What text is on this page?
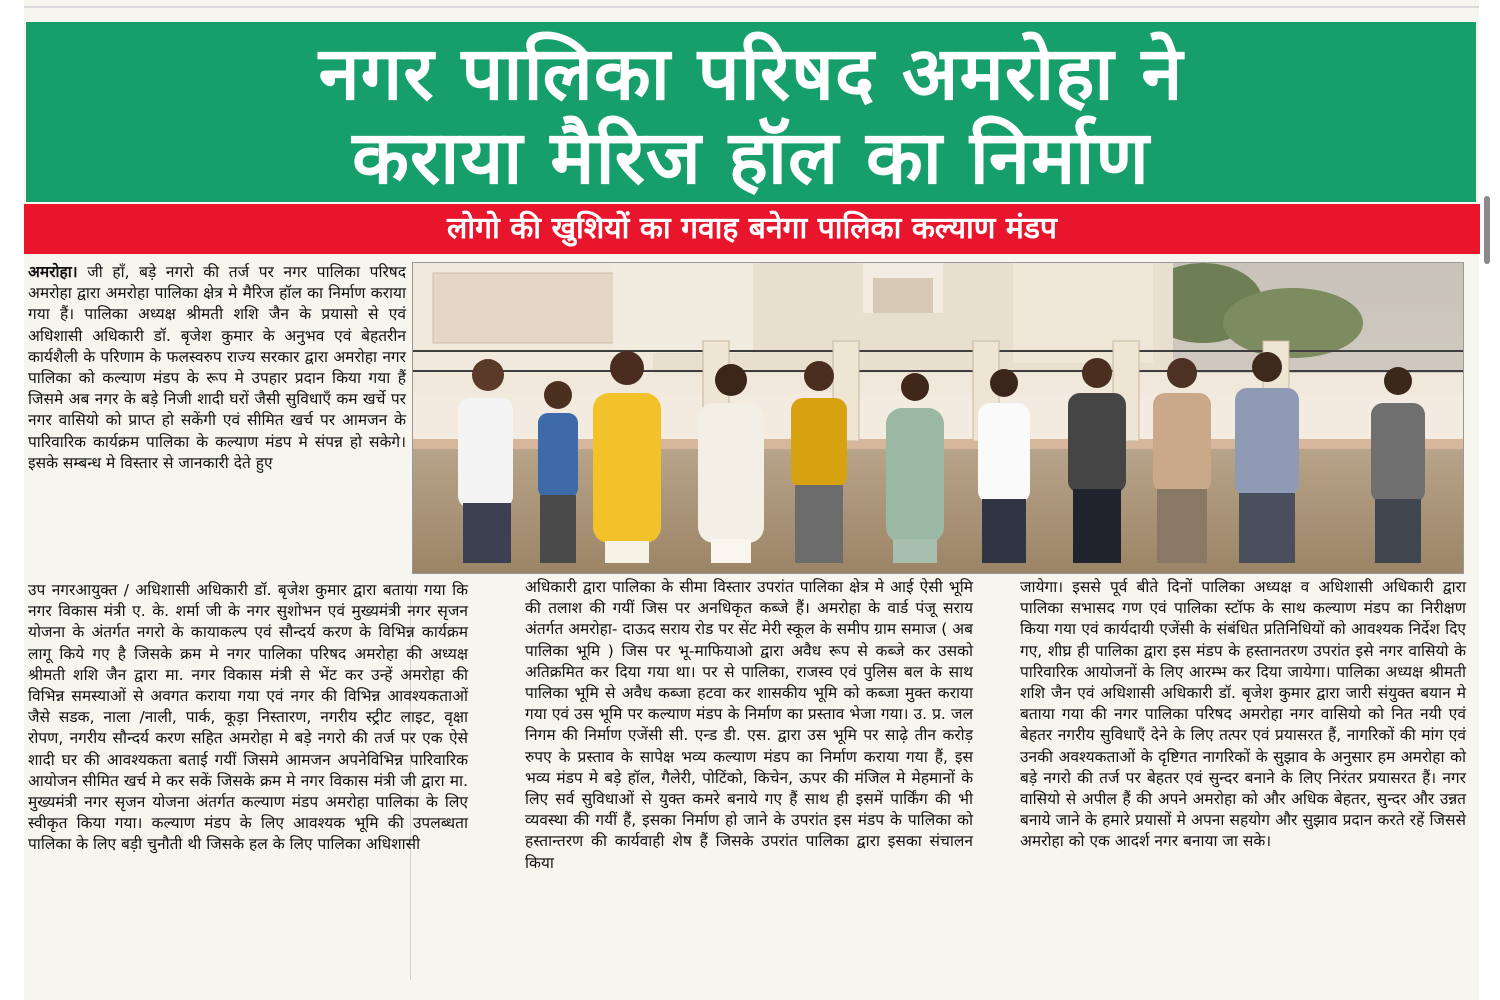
नगर पालिका परिषद अमरोहा ने
कराया मैरिज हॉल का निर्माण
लोगो की खुशियों का गवाह बनेगा पालिका कल्याण मंडप

अमरोहा। जी हाँ, बड़े नगरो की तर्ज पर नगर पालिका परिषद अमरोहा द्वारा अमरोहा पालिका क्षेत्र मे मैरिज हॉल का निर्माण कराया गया हैं। पालिका अध्यक्ष श्रीमती शशि जैन के प्रयासो से एवं अधिशासी अधिकारी डॉ. बृजेश कुमार के अनुभव एवं बेहतरीन कार्यशैली के परिणाम के फलस्वरुप राज्य सरकार द्वारा अमरोहा नगर पालिका को कल्याण मंडप के रूप मे उपहार प्रदान किया गया हैं जिसमे अब नगर के बड़े निजी शादी घरों जैसी सुविधाएँ कम खर्चे पर नगर वासियो को प्राप्त हो सकेंगी एवं सीमित खर्च पर आमजन के पारिवारिक कार्यक्रम पालिका के कल्याण मंडप मे संपन्न हो सकेगे। इसके सम्बन्ध मे विस्तार से जानकारी देते हुए

उप नगरआयुक्त / अधिशासी अधिकारी डॉ. बृजेश कुमार द्वारा बताया गया कि नगर विकास मंत्री ए. के. शर्मा जी के नगर सुशोभन एवं मुख्यमंत्री नगर सृजन योजना के अंतर्गत नगरो के कायाकल्प एवं सौन्दर्य करण के विभिन्न कार्यक्रम लागू किये गए है जिसके क्रम मे नगर पालिका परिषद अमरोहा की अध्यक्ष श्रीमती शशि जैन द्वारा मा. नगर विकास मंत्री से भेंट कर उन्हें अमरोहा की विभिन्न समस्याओं से अवगत कराया गया एवं नगर की विभिन्न आवश्यकताओं जैसे सडक, नाला /नाली, पार्क, कूड़ा निस्तारण, नगरीय स्ट्रीट लाइट, वृक्षा रोपण, नगरीय सौन्दर्य करण सहित अमरोहा मे बड़े नगरो की तर्ज पर एक ऐसे शादी घर की आवश्यकता बताई गयीं जिसमे आमजन अपनेविभिन्न पारिवारिक आयोजन सीमित खर्च मे कर सकें जिसके क्रम मे नगर विकास मंत्री जी द्वारा मा. मुख्यमंत्री नगर सृजन योजना अंतर्गत कल्याण मंडप अमरोहा पालिका के लिए स्वीकृत किया गया। कल्याण मंडप के लिए आवश्यक भूमि की उपलब्धता पालिका के लिए बड़ी चुनौती थी जिसके हल के लिए पालिका अधिशासी

अधिकारी द्वारा पालिका के सीमा विस्तार उपरांत पालिका क्षेत्र मे आई ऐसी भूमि की तलाश की गयीं जिस पर अनधिकृत कब्जे हैं। अमरोहा के वार्ड पंजू सराय अंतर्गत अमरोहा- दाऊद सराय रोड पर सेंट मेरी स्कूल के समीप ग्राम समाज ( अब पालिका भूमि ) जिस पर भू-माफियाओ द्वारा अवैध रूप से कब्जे कर उसको अतिक्रमित कर दिया गया था। पर से पालिका, राजस्व एवं पुलिस बल के साथ पालिका भूमि से अवैध कब्जा हटवा कर शासकीय भूमि को कब्जा मुक्त कराया गया एवं उस भूमि पर कल्याण मंडप के निर्माण का प्रस्ताव भेजा गया। उ. प्र. जल निगम की निर्माण एजेंसी सी. एन्ड डी. एस. द्वारा उस भूमि पर साढ़े तीन करोड़ रुपए के प्रस्ताव के सापेक्ष भव्य कल्याण मंडप का निर्माण कराया गया हैं, इस भव्य मंडप मे बड़े हॉल, गैलेरी, पोटिंको, किचेन, ऊपर की मंजिल मे मेहमानों के लिए सर्व सुविधाओं से युक्त कमरे बनाये गए हैं साथ ही इसमें पार्किंग की भी व्यवस्था की गयीं हैं, इसका निर्माण हो जाने के उपरांत इस मंडप के पालिका को हस्तान्तरण की कार्यवाही शेष हैं जिसके उपरांत पालिका द्वारा इसका संचालन किया

जायेगा। इससे पूर्व बीते दिनों पालिका अध्यक्ष व अधिशासी अधिकारी द्वारा पालिका सभासद गण एवं पालिका स्टॉफ के साथ कल्याण मंडप का निरीक्षण किया गया एवं कार्यदायी एजेंसी के संबंधित प्रतिनिधियों को आवश्यक निर्देश दिए गए, शीघ्र ही पालिका द्वारा इस मंडप के हस्तानतरण उपरांत इसे नगर वासियो के पारिवारिक आयोजनों के लिए आरम्भ कर दिया जायेगा। पालिका अध्यक्ष श्रीमती शशि जैन एवं अधिशासी अधिकारी डॉ. बृजेश कुमार द्वारा जारी संयुक्त बयान मे बताया गया की नगर पालिका परिषद अमरोहा नगर वासियो को नित नयी एवं बेहतर नगरीय सुविधाएँ देने के लिए तत्पर एवं प्रयासरत हैं, नागरिकों की मांग एवं उनकी अवश्यकताओं के दृष्टिगत नागरिकों के सुझाव के अनुसार हम अमरोहा को बड़े नगरो की तर्ज पर बेहतर एवं सुन्दर बनाने के लिए निरंतर प्रयासरत हैं। नगर वासियो से अपील हैं की अपने अमरोहा को और अधिक बेहतर, सुन्दर और उन्नत बनाये जाने के हमारे प्रयासों मे अपना सहयोग और सुझाव प्रदान करते रहें जिससे अमरोहा को एक आदर्श नगर बनाया जा सके।
